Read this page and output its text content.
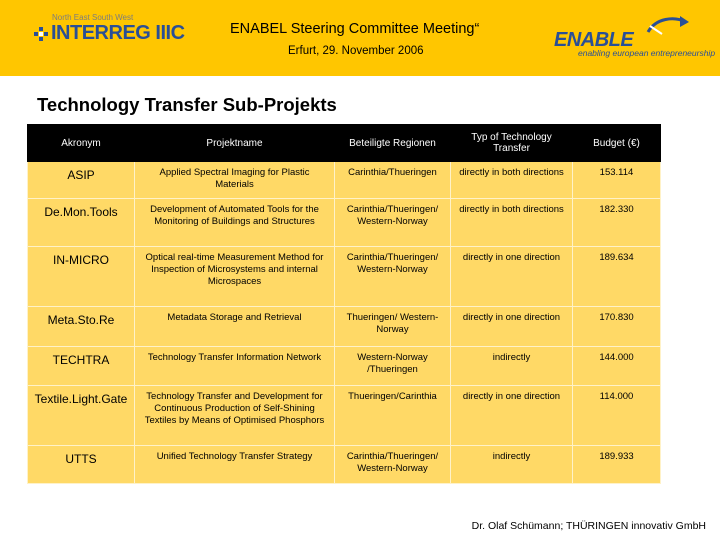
North East South West
INTERREG IIIC	ENABEL Steering Committee Meeting“
Erfurt, 29. November 2006	ENABLE
enabling european entrepreneurship
Technology Transfer Sub-Projekts
Akronym	Projektname	Beteiligte Regionen	Typ of Technology Transfer	Budget (€)
ASIP	Applied Spectral Imaging for Plastic Materials	Carinthia/Thueringen	directly in both directions	153.114
De.Mon.Tools	Development of Automated Tools for the Monitoring of Buildings and Structures	Carinthia/Thueringen/ Western-Norway	directly in both directions	182.330
IN-MICRO	Optical real-time Measurement Method for Inspection of Microsystems and internal Microspaces	Carinthia/Thueringen/ Western-Norway	directly in one direction	189.634
Meta.Sto.Re	Metadata Storage and Retrieval	Thueringen/ Western-Norway	directly in one direction	170.830
TECHTRA	Technology Transfer Information Network	Western-Norway /Thueringen	indirectly	144.000
Textile.Light.Gate	Technology Transfer and Development for Continuous Production of Self-Shining Textiles by Means of Optimised Phosphors	Thueringen/Carinthia	directly in one direction	114.000
UTTS	Unified Technology Transfer Strategy	Carinthia/Thueringen/ Western-Norway	indirectly	189.933
Dr. Olaf Schümann; THÜRINGEN innovativ GmbH
